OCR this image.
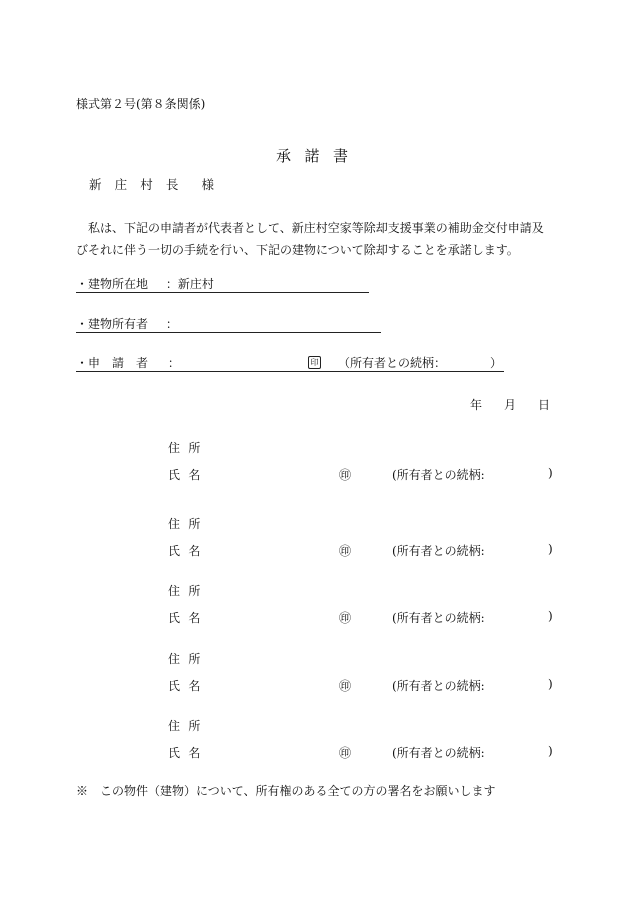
様式第２号(第８条関係)
承諾書
新庄村長 様
私は、下記の申請者が代表者として、新庄村空家等除却支援事業の補助金交付申請及
びそれに伴う一切の手続を行い、下記の建物について除却することを承諾します。
・建物所在地 ：新庄村
・建物所有者 ：
・申　請　者 ：	印 （所有者との続柄：	）
年 月 日
住所
氏名	㊞	(所有者との続柄:	)
住所
氏名	㊞	(所有者との続柄:	)
住所
氏名	㊞	(所有者との続柄:	)
住所
氏名	㊞	(所有者との続柄:	)
住所
氏名	㊞	(所有者との続柄:	)
※　この物件（建物）について、所有権のある全ての方の署名をお願いします
